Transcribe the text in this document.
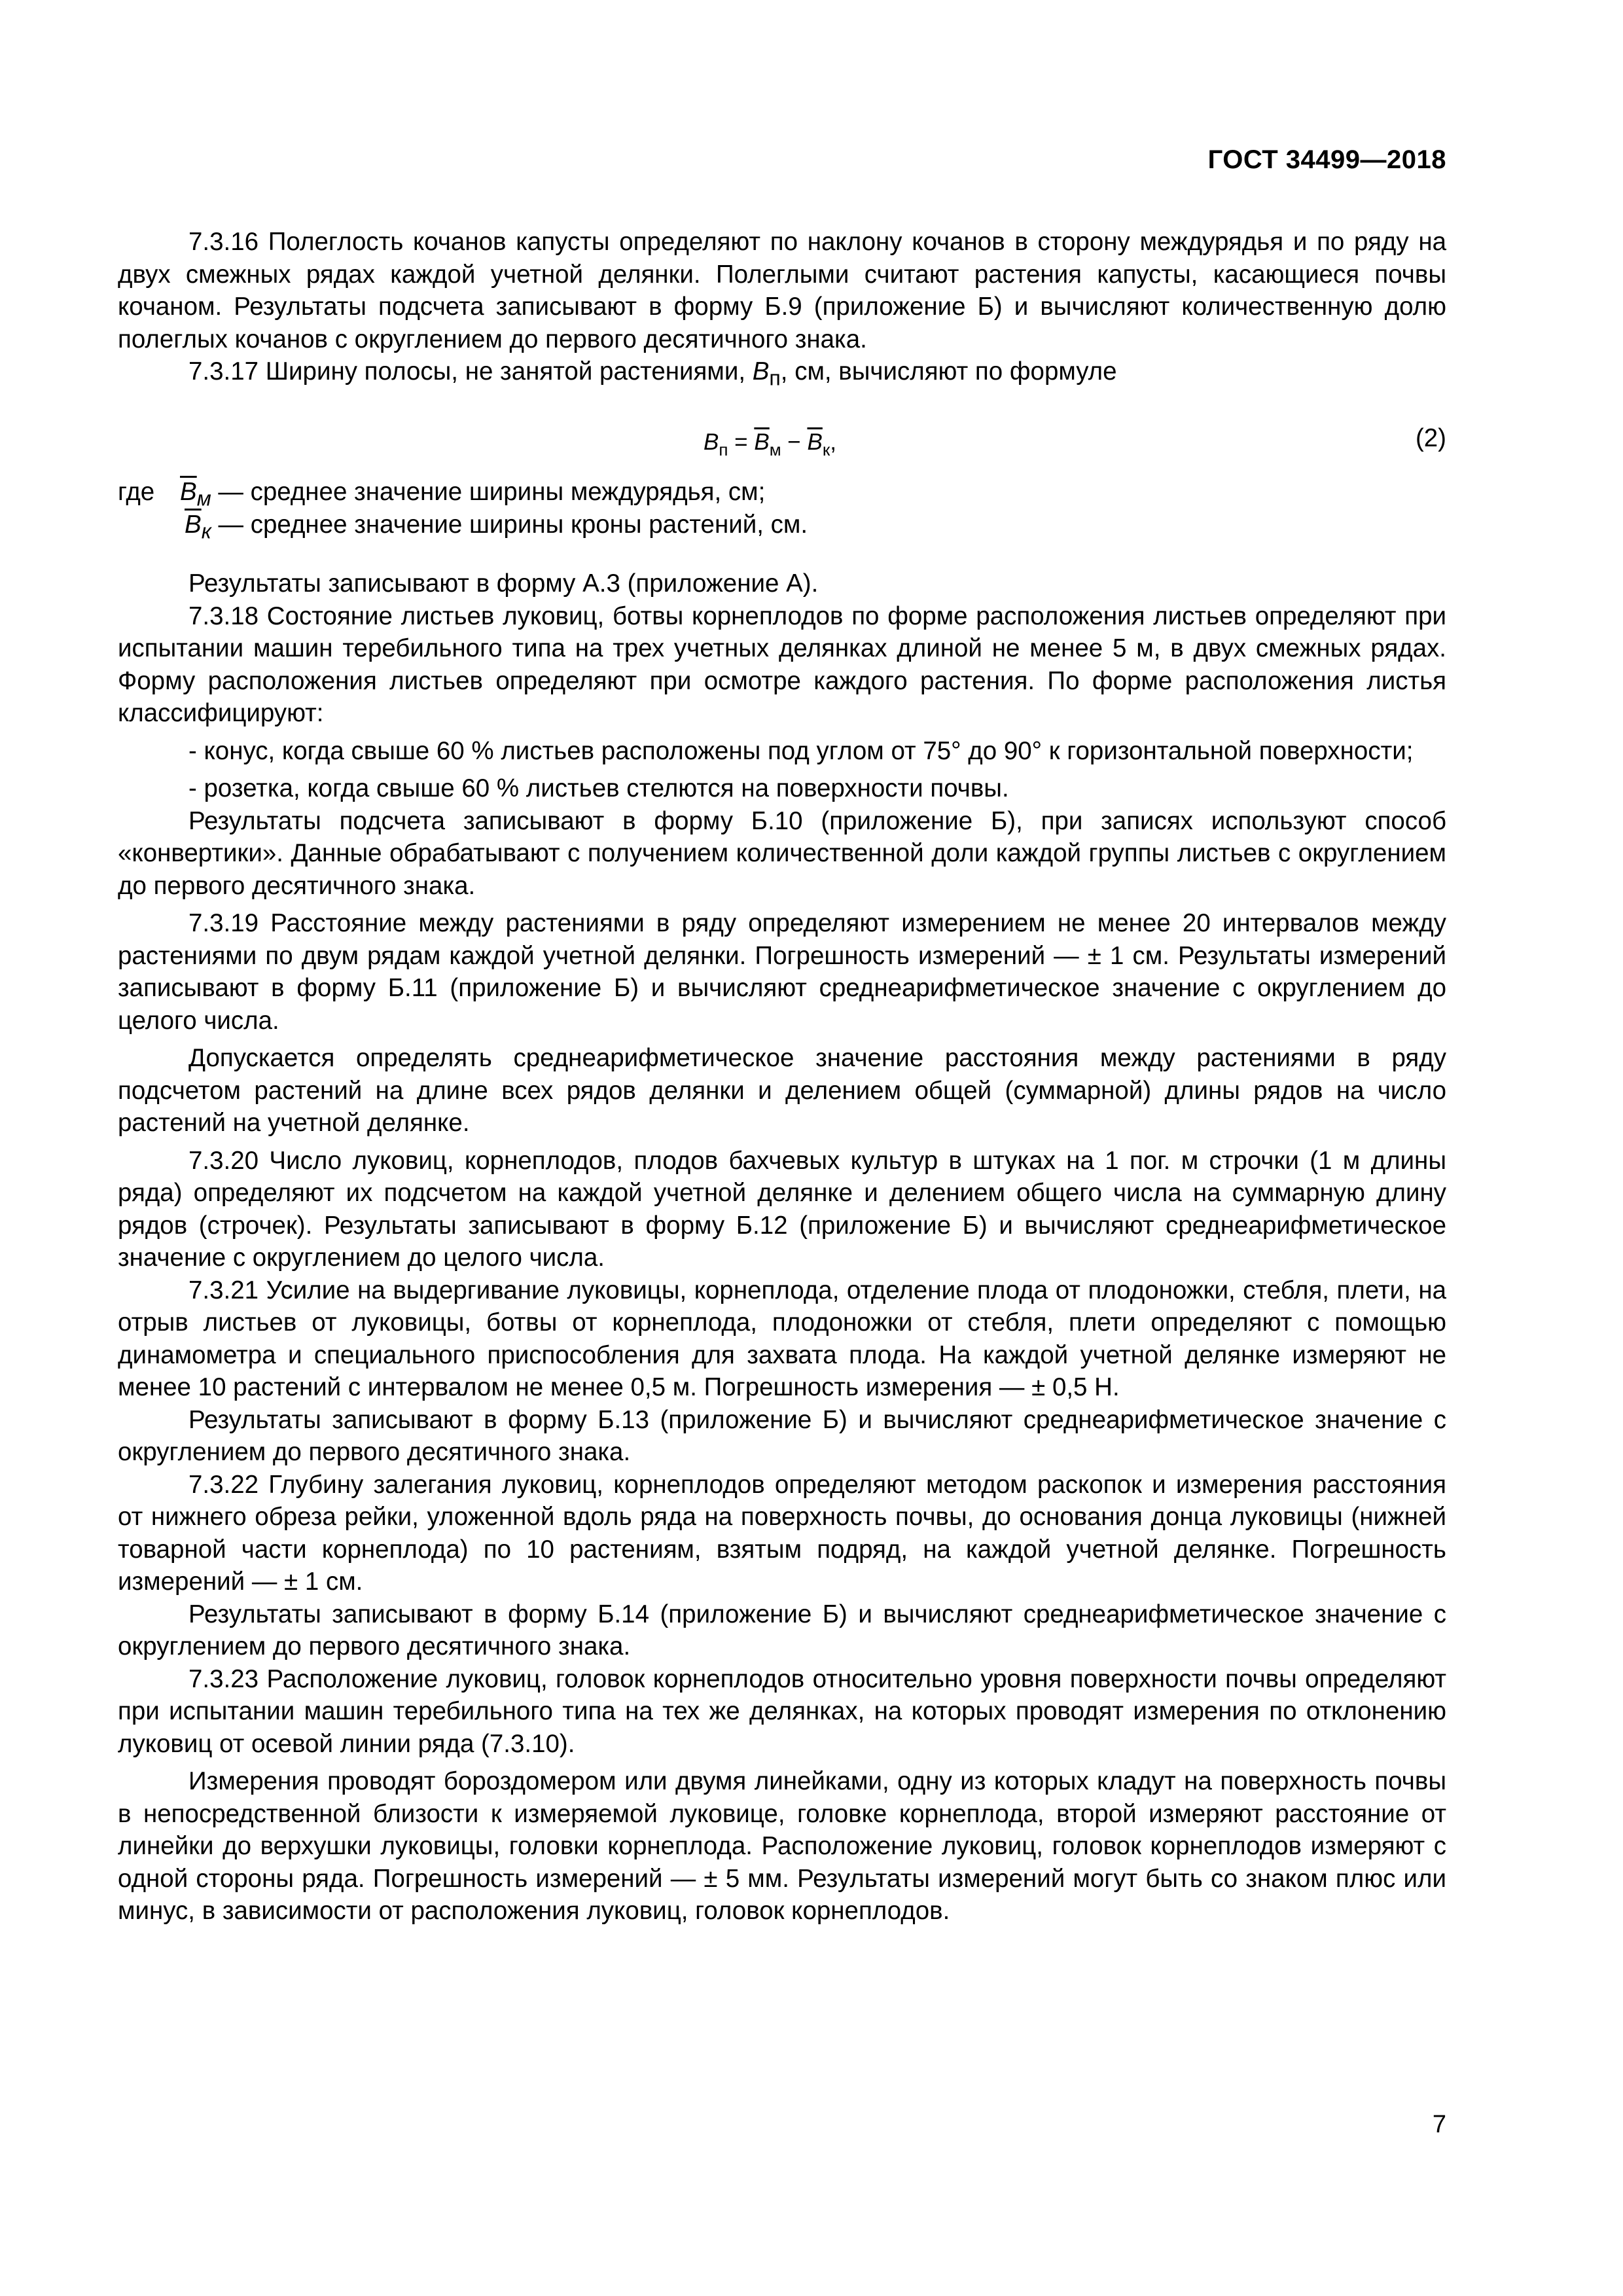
ГОСТ 34499—2018

7.3.16 Полеглость кочанов капусты определяют по наклону кочанов в сторону междурядья и по ряду на двух смежных рядах каждой учетной делянки. Полеглыми считают растения капусты, касающиеся почвы кочаном. Результаты подсчета записывают в форму Б.9 (приложение Б) и вычисляют количественную долю полеглых кочанов с округлением до первого десятичного знака.

7.3.17 Ширину полосы, не занятой растениями, $B_п$, см, вычисляют по формуле

$B_п = \overline{B}_м - \overline{B}_к$,	(2)
где $\overline{B}_м$ — среднее значение ширины междурядья, см;
$\overline{B}_к$ — среднее значение ширины кроны растений, см.

Результаты записывают в форму А.3 (приложение А).

7.3.18 Состояние листьев луковиц, ботвы корнеплодов по форме расположения листьев определяют при испытании машин теребильного типа на трех учетных делянках длиной не менее 5 м, в двух смежных рядах. Форму расположения листьев определяют при осмотре каждого растения. По форме расположения листья классифицируют:

- конус, когда свыше 60 % листьев расположены под углом от 75° до 90° к горизонтальной поверхности;

- розетка, когда свыше 60 % листьев стелются на поверхности почвы.

Результаты подсчета записывают в форму Б.10 (приложение Б), при записях используют способ «конвертики». Данные обрабатывают с получением количественной доли каждой группы листьев с округлением до первого десятичного знака.

7.3.19 Расстояние между растениями в ряду определяют измерением не менее 20 интервалов между растениями по двум рядам каждой учетной делянки. Погрешность измерений — ± 1 см. Результаты измерений записывают в форму Б.11 (приложение Б) и вычисляют среднеарифметическое значение с округлением до целого числа.

Допускается определять среднеарифметическое значение расстояния между растениями в ряду подсчетом растений на длине всех рядов делянки и делением общей (суммарной) длины рядов на число растений на учетной делянке.

7.3.20 Число луковиц, корнеплодов, плодов бахчевых культур в штуках на 1 пог. м строчки (1 м длины ряда) определяют их подсчетом на каждой учетной делянке и делением общего числа на суммарную длину рядов (строчек). Результаты записывают в форму Б.12 (приложение Б) и вычисляют среднеарифметическое значение с округлением до целого числа.

7.3.21 Усилие на выдергивание луковицы, корнеплода, отделение плода от плодоножки, стебля, плети, на отрыв листьев от луковицы, ботвы от корнеплода, плодоножки от стебля, плети определяют с помощью динамометра и специального приспособления для захвата плода. На каждой учетной делянке измеряют не менее 10 растений с интервалом не менее 0,5 м. Погрешность измерения — ± 0,5 Н.

Результаты записывают в форму Б.13 (приложение Б) и вычисляют среднеарифметическое значение с округлением до первого десятичного знака.

7.3.22 Глубину залегания луковиц, корнеплодов определяют методом раскопок и измерения расстояния от нижнего обреза рейки, уложенной вдоль ряда на поверхность почвы, до основания донца луковицы (нижней товарной части корнеплода) по 10 растениям, взятым подряд, на каждой учетной делянке. Погрешность измерений — ± 1 см.

Результаты записывают в форму Б.14 (приложение Б) и вычисляют среднеарифметическое значение с округлением до первого десятичного знака.

7.3.23 Расположение луковиц, головок корнеплодов относительно уровня поверхности почвы определяют при испытании машин теребильного типа на тех же делянках, на которых проводят измерения по отклонению луковиц от осевой линии ряда (7.3.10).

Измерения проводят бороздомером или двумя линейками, одну из которых кладут на поверхность почвы в непосредственной близости к измеряемой луковице, головке корнеплода, второй измеряют расстояние от линейки до верхушки луковицы, головки корнеплода. Расположение луковиц, головок корнеплодов измеряют с одной стороны ряда. Погрешность измерений — ± 5 мм. Результаты измерений могут быть со знаком плюс или минус, в зависимости от расположения луковиц, головок корнеплодов.

7
